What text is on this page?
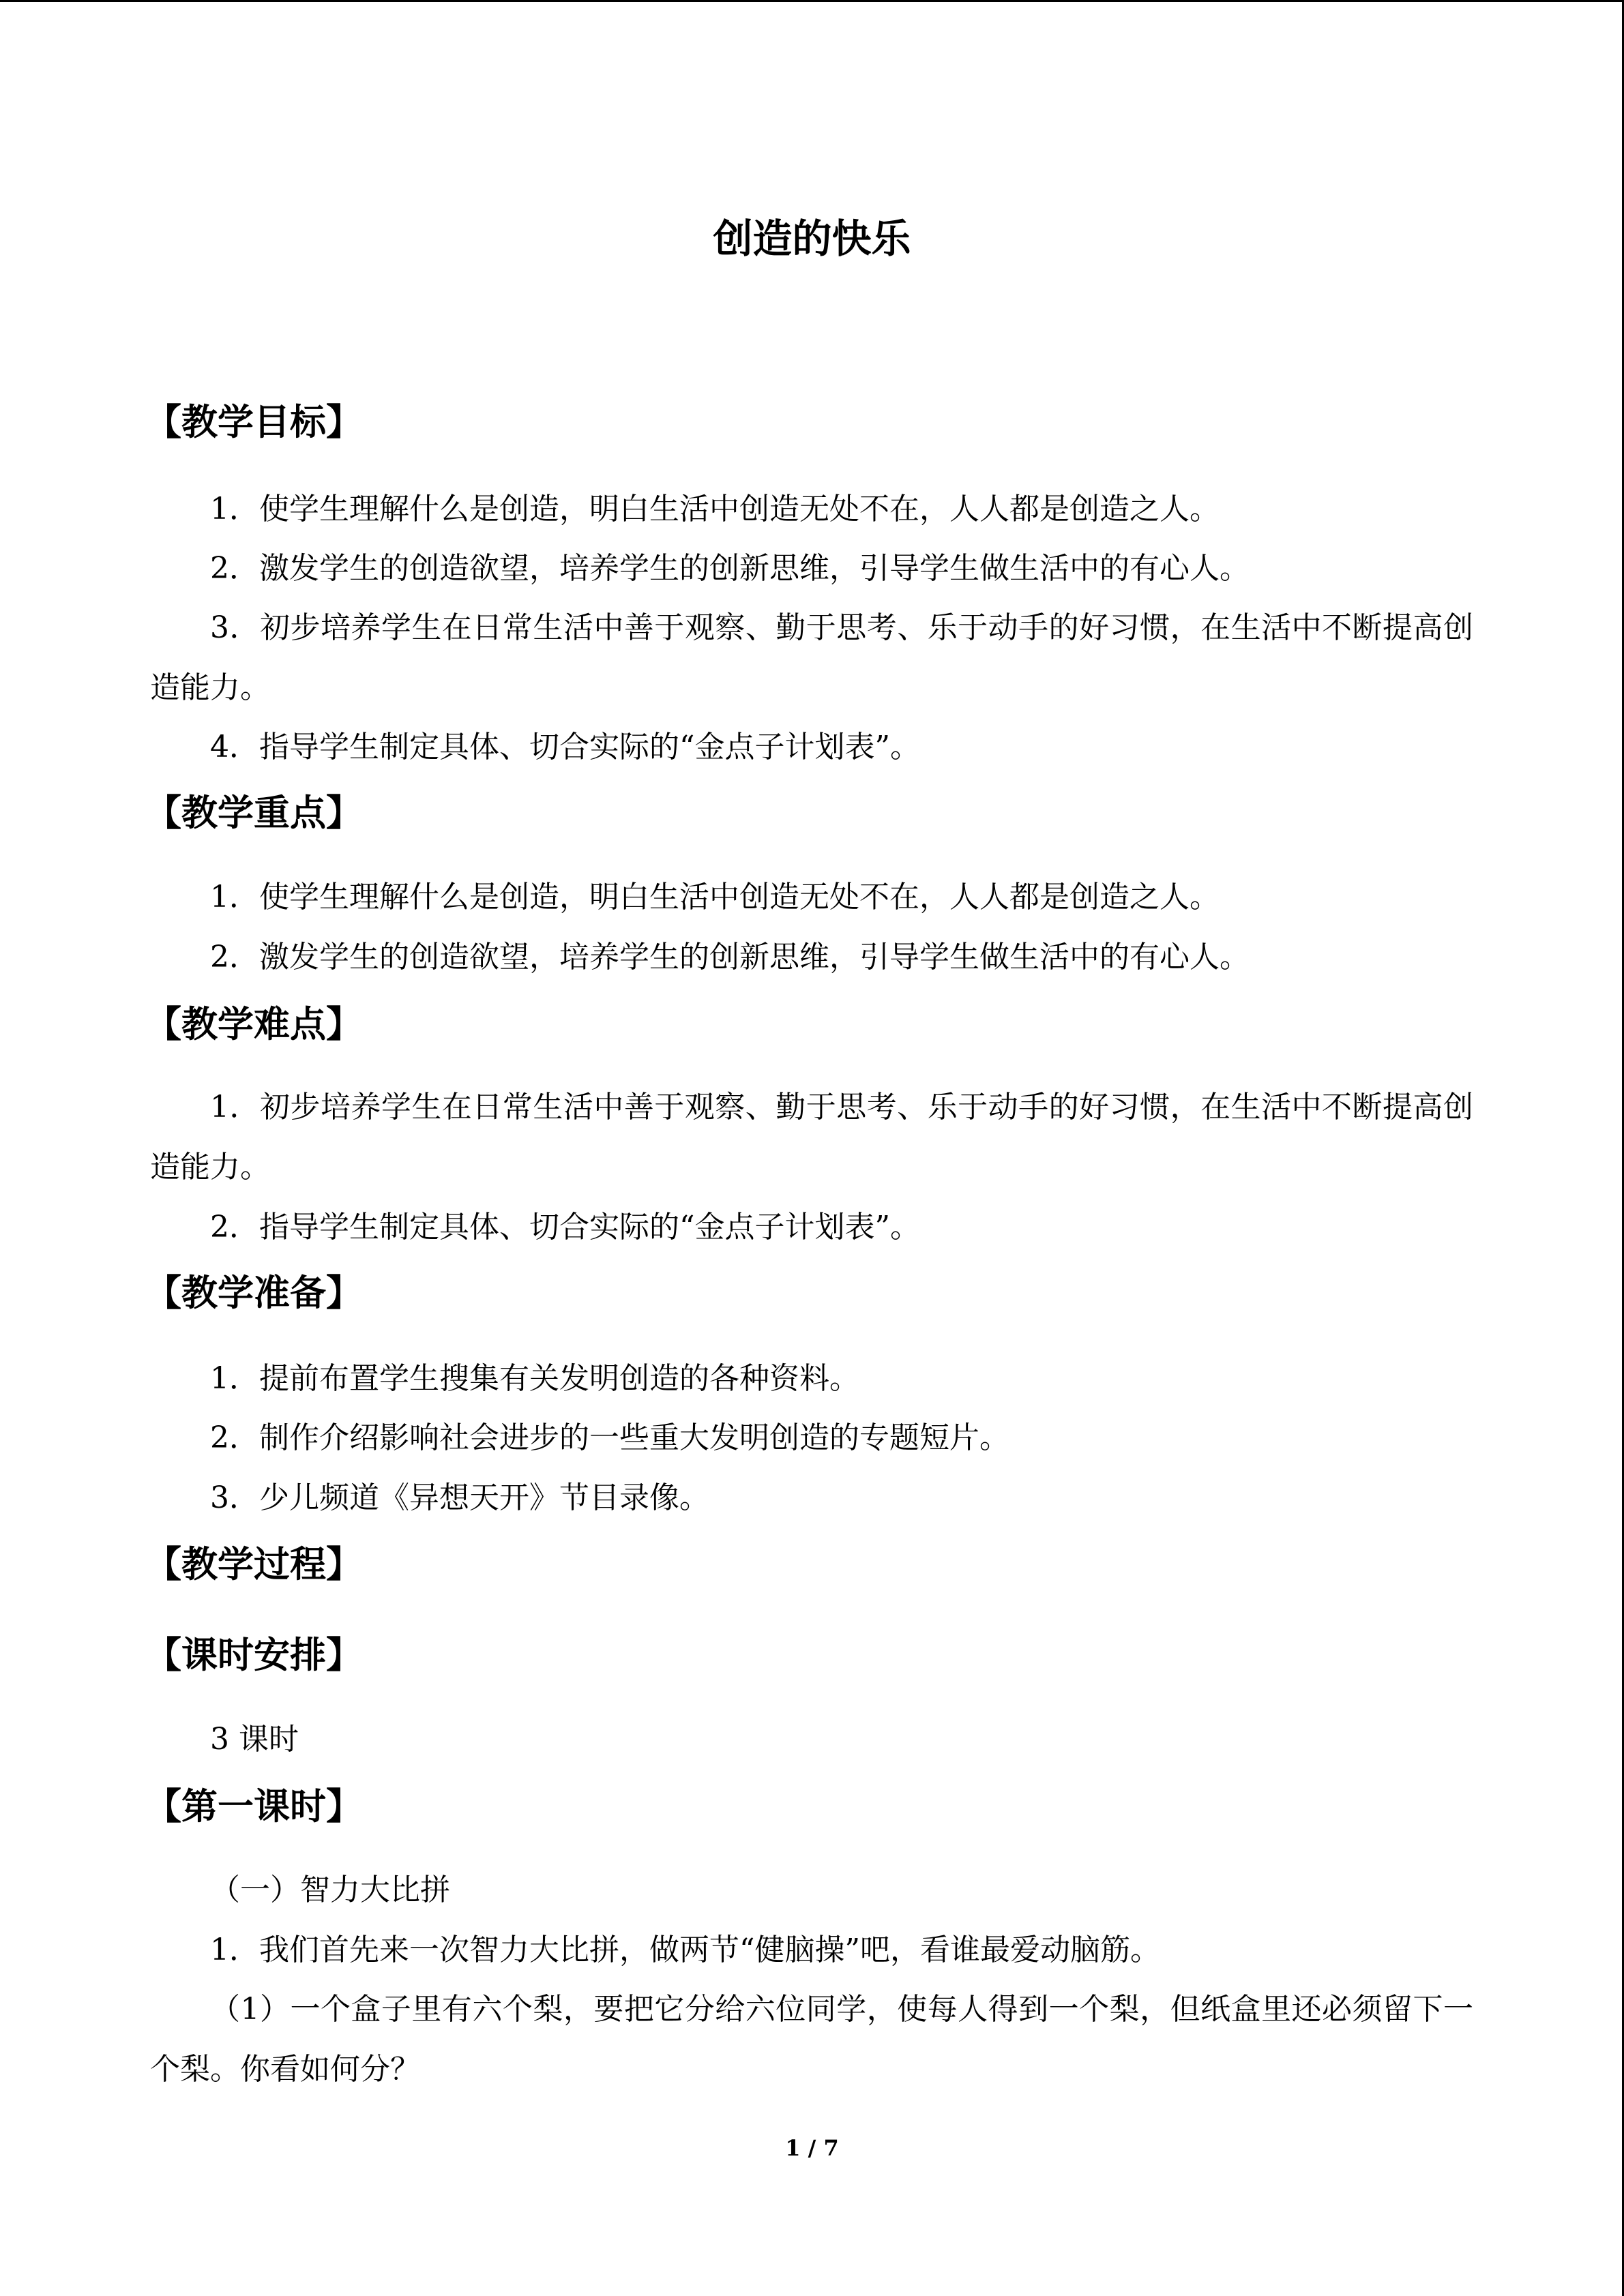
创造的快乐
【教学目标】

1．使学生理解什么是创造，明白生活中创造无处不在，人人都是创造之人。

2．激发学生的创造欲望，培养学生的创新思维，引导学生做生活中的有心人。

3．初步培养学生在日常生活中善于观察、勤于思考、乐于动手的好习惯，在生活中不断提高创造能力。

4．指导学生制定具体、切合实际的“金点子计划表”。

【教学重点】

1．使学生理解什么是创造，明白生活中创造无处不在，人人都是创造之人。

2．激发学生的创造欲望，培养学生的创新思维，引导学生做生活中的有心人。

【教学难点】

1．初步培养学生在日常生活中善于观察、勤于思考、乐于动手的好习惯，在生活中不断提高创造能力。

2．指导学生制定具体、切合实际的“金点子计划表”。

【教学准备】

1．提前布置学生搜集有关发明创造的各种资料。

2．制作介绍影响社会进步的一些重大发明创造的专题短片。

3．少儿频道《异想天开》节目录像。

【教学过程】
【课时安排】

3 课时

【第一课时】

（一）智力大比拼

1．我们首先来一次智力大比拼，做两节“健脑操”吧，看谁最爱动脑筋。

（1）一个盒子里有六个梨，要把它分给六位同学，使每人得到一个梨，但纸盒里还必须留下一个梨。你看如何分？

1 / 7
